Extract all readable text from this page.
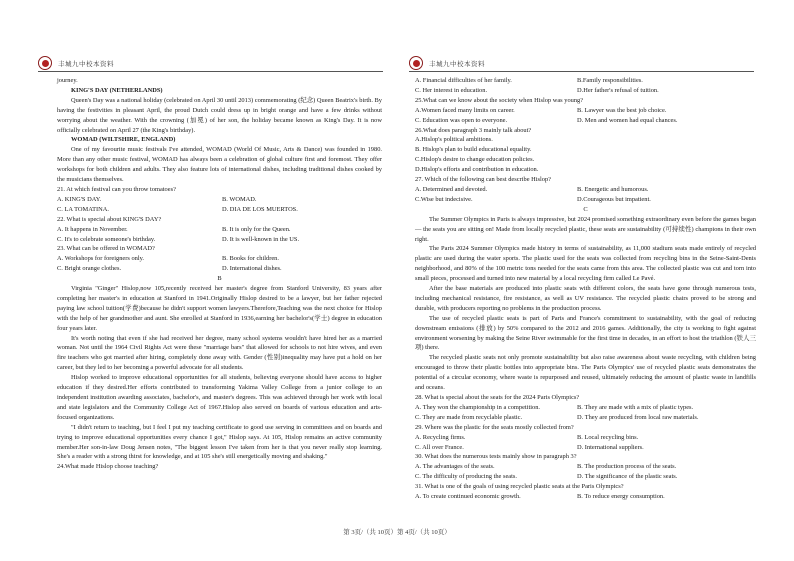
丰城九中校本资料

journey.

KING'S DAY (NETHERLANDS)

Queen's Day was a national holiday (celebrated on April 30 until 2013) commemorating (纪念) Queen Beatrix's birth. By having the festivities in pleasant April, the proud Dutch could dress up in bright orange and have a few drinks without worrying about the weather. With the crowning (加冕) of her son, the holiday became known as King's Day. It is now officially celebrated on April 27 (the King's birthday).

WOMAD (WILTSHIRE, ENGLAND)

One of my favourite music festivals I've attended, WOMAD (World Of Music, Arts & Dance) was founded in 1980. More than any other music festival, WOMAD has always been a celebration of global culture first and foremost. They offer workshops for both children and adults. They also feature lots of international dishes, including traditional dishes cooked by the musicians themselves.

21. At which festival can you throw tomatoes?

A. KING'S DAY.	B. WOMAD.
C. LA TOMATINA.	D. DIA DE LOS MUERTOS.

22. What is special about KING'S DAY?

A. It happens in November.	B. It is only for the Queen.
C. It's to celebrate someone's birthday.	D. It is well-known in the US.

23. What can be offered in WOMAD?

A. Workshops for foreigners only.	B. Books for children.
C. Bright orange clothes.	D. International dishes.

B

Virginia "Ginger" Hislop,now 105,recently received her master's degree from Stanford University, 83 years after completing her master's in education at Stanford in 1941.Originally Hislop desired to be a lawyer, but her father rejected paying law school tuition(学费)because he didn't support women lawyers.Therefore,Teaching was the next choice for Hislop with the help of her grandmother and aunt. She enrolled at Stanford in 1936,earning her bachelor's(学士) degree in education four years later.

It's worth noting that even if she had received her degree, many school systems wouldn't have hired her as a married woman. Not until the 1964 Civil Rights Act were these "marriage bars" that allowed for schools to not hire wives, and even fire teachers who got married after hiring, completely done away with. Gender (性别)inequality may have put a hold on her career, but they led to her becoming a powerful advocate for all students.

Hislop worked to improve educational opportunities for all students, believing everyone should have access to higher education if they desired.Her efforts contributed to transforming Yakima Valley College from a junior college to an independent institution awarding associates, bachelor's, and master's degrees. This was achieved through her work with local and state legislators and the Community College Act of 1967.Hislop also served on boards of various education and arts-focused organizations.

"I didn't return to teaching, but I feel I put my teaching certificate to good use serving in committees and on boards and trying to improve educational opportunities every chance I got," Hislop says. At 105, Hislop remains an active community member.Her son-in-law Doug Jensen notes, "The biggest lesson I've taken from her is that you never really stop learning. She's a reader with a strong thirst for knowledge, and at 105 she's still energetically moving and shaking."

24.What made Hislop choose teaching?

丰城九中校本资料
A. Financial difficulties of her family.	B.Family responsibilities.
C. Her interest in education.	D.Her father's refusal of tuition.

25.What can we know about the society when Hislop was young?

A.Women faced many limits on career.	B. Lawyer was the best job choice.
C. Education was open to everyone.	D. Men and women had equal chances.

26.What does paragraph 3 mainly talk about?

A.Hislop's political ambitions.

B. Hislop's plan to build educational equality.

C.Hislop's desire to change education policies.

D.Hislop's efforts and contribution in education.

27. Which of the following can best describe Hislop?

A. Determined and devoted.	B. Energetic and humorous.
C.Wise but indecisive.	D.Courageous but impatient.

C

The Summer Olympics in Paris is always impressive, but 2024 promised something extraordinary even before the games began — the seats you are sitting on! Made from locally recycled plastic, these seats are sustainability (可持续性) champions in their own right.

The Paris 2024 Summer Olympics made history in terms of sustainability, as 11,000 stadium seats made entirely of recycled plastic are used during the water sports. The plastic used for the seats was collected from recycling bins in the Seine-Saint-Denis neighborhood, and 80% of the 100 metric tons needed for the seats came from this area. The collected plastic was cut and torn into small pieces, processed and turned into new material by a local recycling firm called Le Pavé.

After the base materials are produced into plastic seats with different colors, the seats have gone through numerous tests, including mechanical resistance, fire resistance, as well as UV resistance. The recycled plastic chairs proved to be strong and durable, with producers reporting no problems in the production process.

The use of recycled plastic seats is part of Paris and France's commitment to sustainability, with the goal of reducing downstream emissions (排放) by 50% compared to the 2012 and 2016 games. Additionally, the city is working to fight against environment worsening by making the Seine River swimmable for the first time in decades, in an effort to host the triathlon (铁人三项) there.

The recycled plastic seats not only promote sustainability but also raise awareness about waste recycling, with children being encouraged to throw their plastic bottles into appropriate bins. The Paris Olympics' use of recycled plastic seats demonstrates the potential of a circular economy, where waste is repurposed and reused, ultimately reducing the amount of plastic waste in landfills and oceans.

28. What is special about the seats for the 2024 Paris Olympics?

A. They won the championship in a competition.	B. They are made with a mix of plastic types.
C. They are made from recyclable plastic.	D. They are produced from local raw materials.

29. Where was the plastic for the seats mostly collected from?

A. Recycling firms.	B. Local recycling bins.
C. All over France.	D. International suppliers.

30. What does the numerous tests mainly show in paragraph 3?

A. The advantages of the seats.	B. The production process of the seats.
C. The difficulty of producing the seats.	D. The significance of the plastic seats.

31. What is one of the goals of using recycled plastic seats at the Paris Olympics?

A. To create continued economic growth.	B. To reduce energy consumption.
第 3页/（共 10页）第 4页/（共 10页）
